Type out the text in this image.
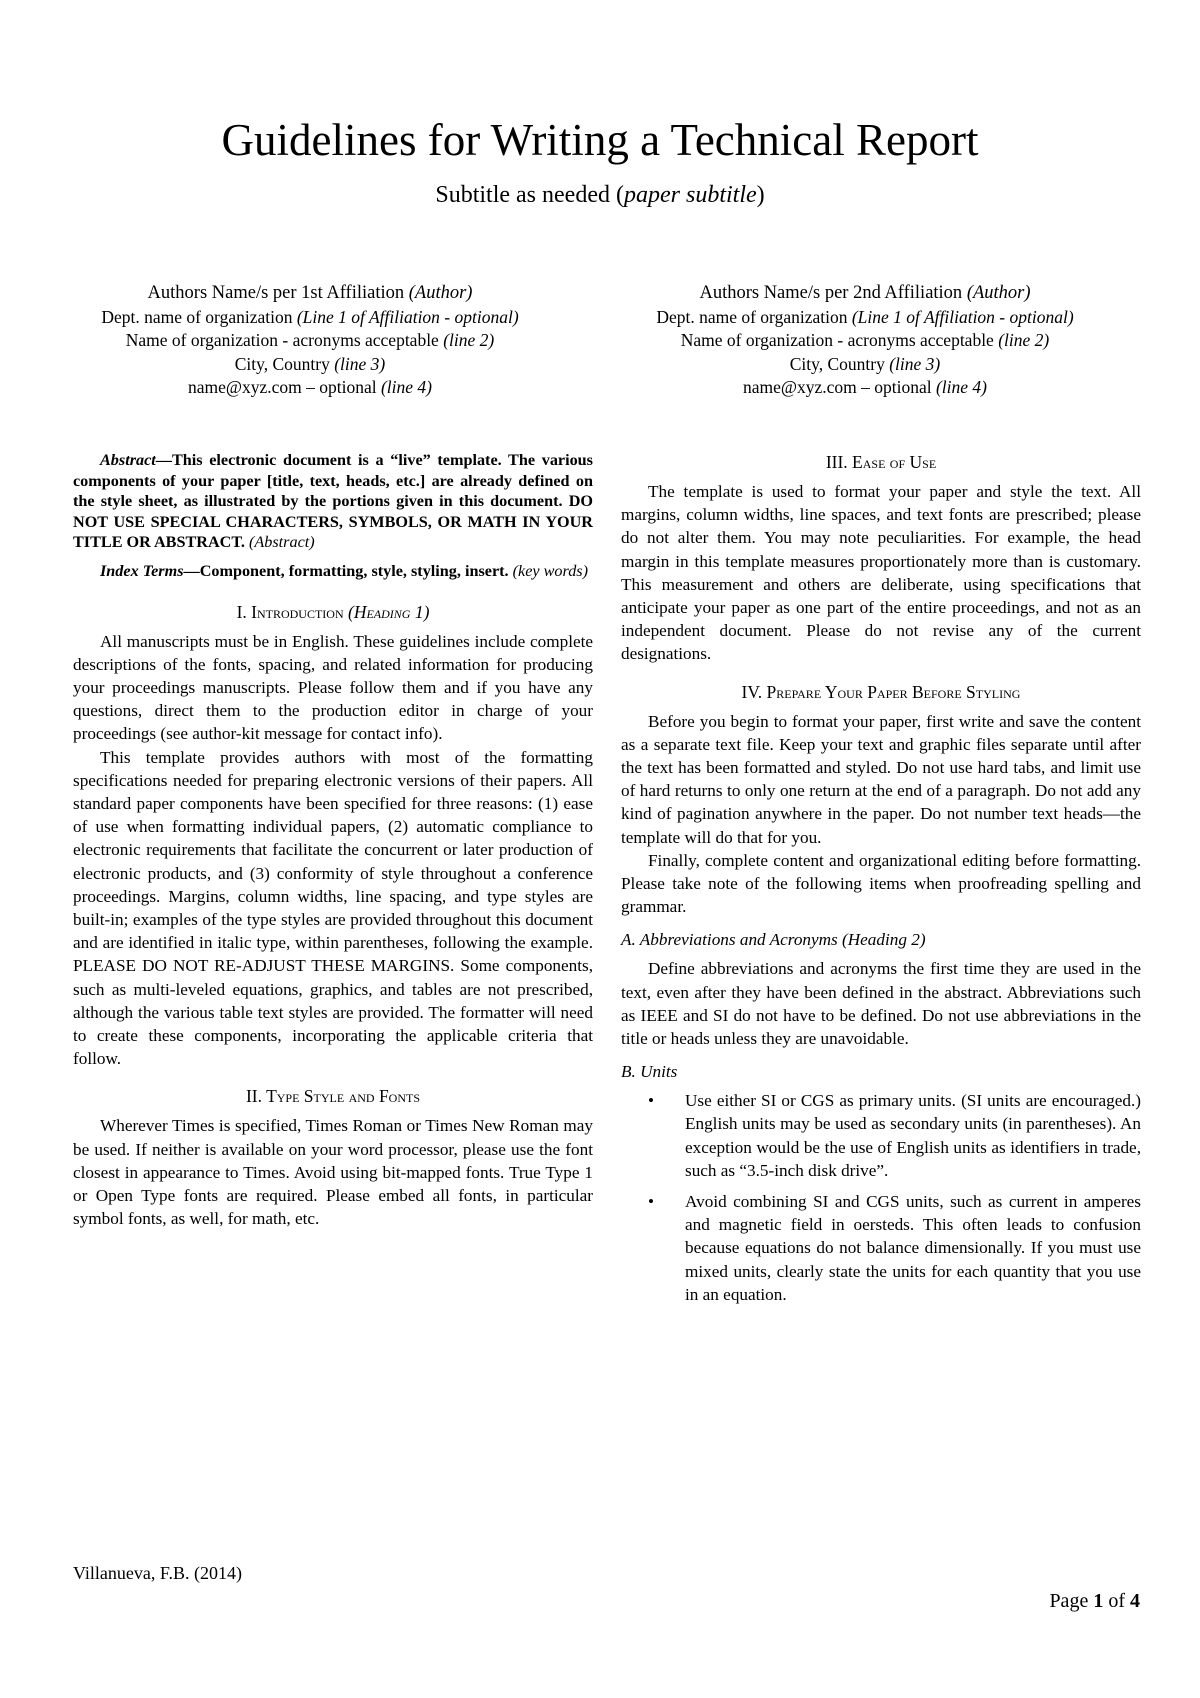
Guidelines for Writing a Technical Report
Subtitle as needed (paper subtitle)
Authors Name/s per 1st Affiliation (Author)
Dept. name of organization (Line 1 of Affiliation - optional)
Name of organization - acronyms acceptable (line 2)
City, Country (line 3)
name@xyz.com – optional (line 4)
Authors Name/s per 2nd Affiliation (Author)
Dept. name of organization (Line 1 of Affiliation - optional)
Name of organization - acronyms acceptable (line 2)
City, Country (line 3)
name@xyz.com – optional (line 4)

Abstract—This electronic document is a “live” template. The various components of your paper [title, text, heads, etc.] are already defined on the style sheet, as illustrated by the portions given in this document. DO NOT USE SPECIAL CHARACTERS, SYMBOLS, OR MATH IN YOUR TITLE OR ABSTRACT. (Abstract)

Index Terms—Component, formatting, style, styling, insert. (key words)

I. Introduction (Heading 1)

All manuscripts must be in English. These guidelines include complete descriptions of the fonts, spacing, and related information for producing your proceedings manuscripts. Please follow them and if you have any questions, direct them to the production editor in charge of your proceedings (see author-kit message for contact info).

This template provides authors with most of the formatting specifications needed for preparing electronic versions of their papers. All standard paper components have been specified for three reasons: (1) ease of use when formatting individual papers, (2) automatic compliance to electronic requirements that facilitate the concurrent or later production of electronic products, and (3) conformity of style throughout a conference proceedings. Margins, column widths, line spacing, and type styles are built-in; examples of the type styles are provided throughout this document and are identified in italic type, within parentheses, following the example. PLEASE DO NOT RE-ADJUST THESE MARGINS. Some components, such as multi-leveled equations, graphics, and tables are not prescribed, although the various table text styles are provided. The formatter will need to create these components, incorporating the applicable criteria that follow.

II. Type Style and Fonts

Wherever Times is specified, Times Roman or Times New Roman may be used. If neither is available on your word processor, please use the font closest in appearance to Times. Avoid using bit-mapped fonts. True Type 1 or Open Type fonts are required. Please embed all fonts, in particular symbol fonts, as well, for math, etc.

III. Ease of Use

The template is used to format your paper and style the text. All margins, column widths, line spaces, and text fonts are prescribed; please do not alter them. You may note peculiarities. For example, the head margin in this template measures proportionately more than is customary. This measurement and others are deliberate, using specifications that anticipate your paper as one part of the entire proceedings, and not as an independent document. Please do not revise any of the current designations.

IV. Prepare Your Paper Before Styling

Before you begin to format your paper, first write and save the content as a separate text file. Keep your text and graphic files separate until after the text has been formatted and styled. Do not use hard tabs, and limit use of hard returns to only one return at the end of a paragraph. Do not add any kind of pagination anywhere in the paper. Do not number text heads—the template will do that for you.

Finally, complete content and organizational editing before formatting. Please take note of the following items when proofreading spelling and grammar.

A. Abbreviations and Acronyms (Heading 2)

Define abbreviations and acronyms the first time they are used in the text, even after they have been defined in the abstract. Abbreviations such as IEEE and SI do not have to be defined. Do not use abbreviations in the title or heads unless they are unavoidable.

B. Units
• Use either SI or CGS as primary units. (SI units are encouraged.) English units may be used as secondary units (in parentheses). An exception would be the use of English units as identifiers in trade, such as “3.5-inch disk drive”.
• Avoid combining SI and CGS units, such as current in amperes and magnetic field in oersteds. This often leads to confusion because equations do not balance dimensionally. If you must use mixed units, clearly state the units for each quantity that you use in an equation.
Villanueva, F.B. (2014)
Page 1 of 4
